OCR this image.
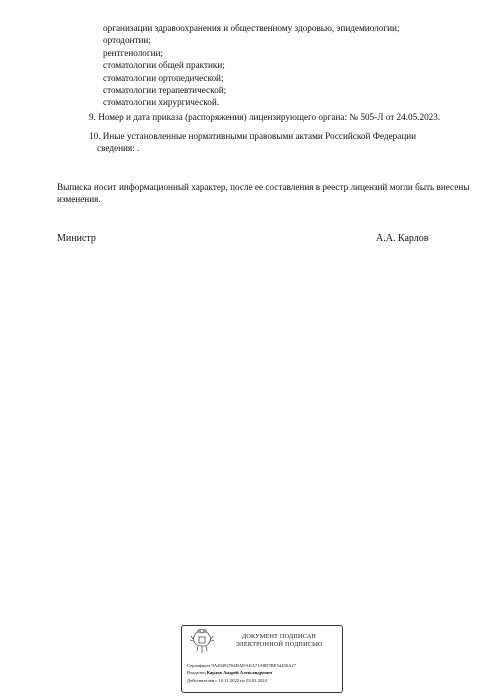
организации здравоохранения и общественному здоровью, эпидемиологии;
ортодонтии;
рентгенологии;
стоматологии общей практики;
стоматологии ортопедической;
стоматологии терапевтической;
стоматологии хирургической.
9. Номер и дата приказа (распоряжения) лицензирующего органа: № 505-Л от 24.05.2023.
10. Иные установленные нормативными правовыми актами Российской Федерации
сведения: .
Выписка носит информационный характер, после ее составления в реестр лицензий могли быть внесены изменения.
Министр	А.А. Карлов
ДОКУМЕНТ ПОДПИСАН
ЭЛЕКТРОННОЙ ПОДПИСЬЮ
Сертификат 9A49494764DADAEA71A8D7BE54450A27
Владелец Карлов Андрей Александрович
Действителен с 10.11.2022 по 03.02.2024
